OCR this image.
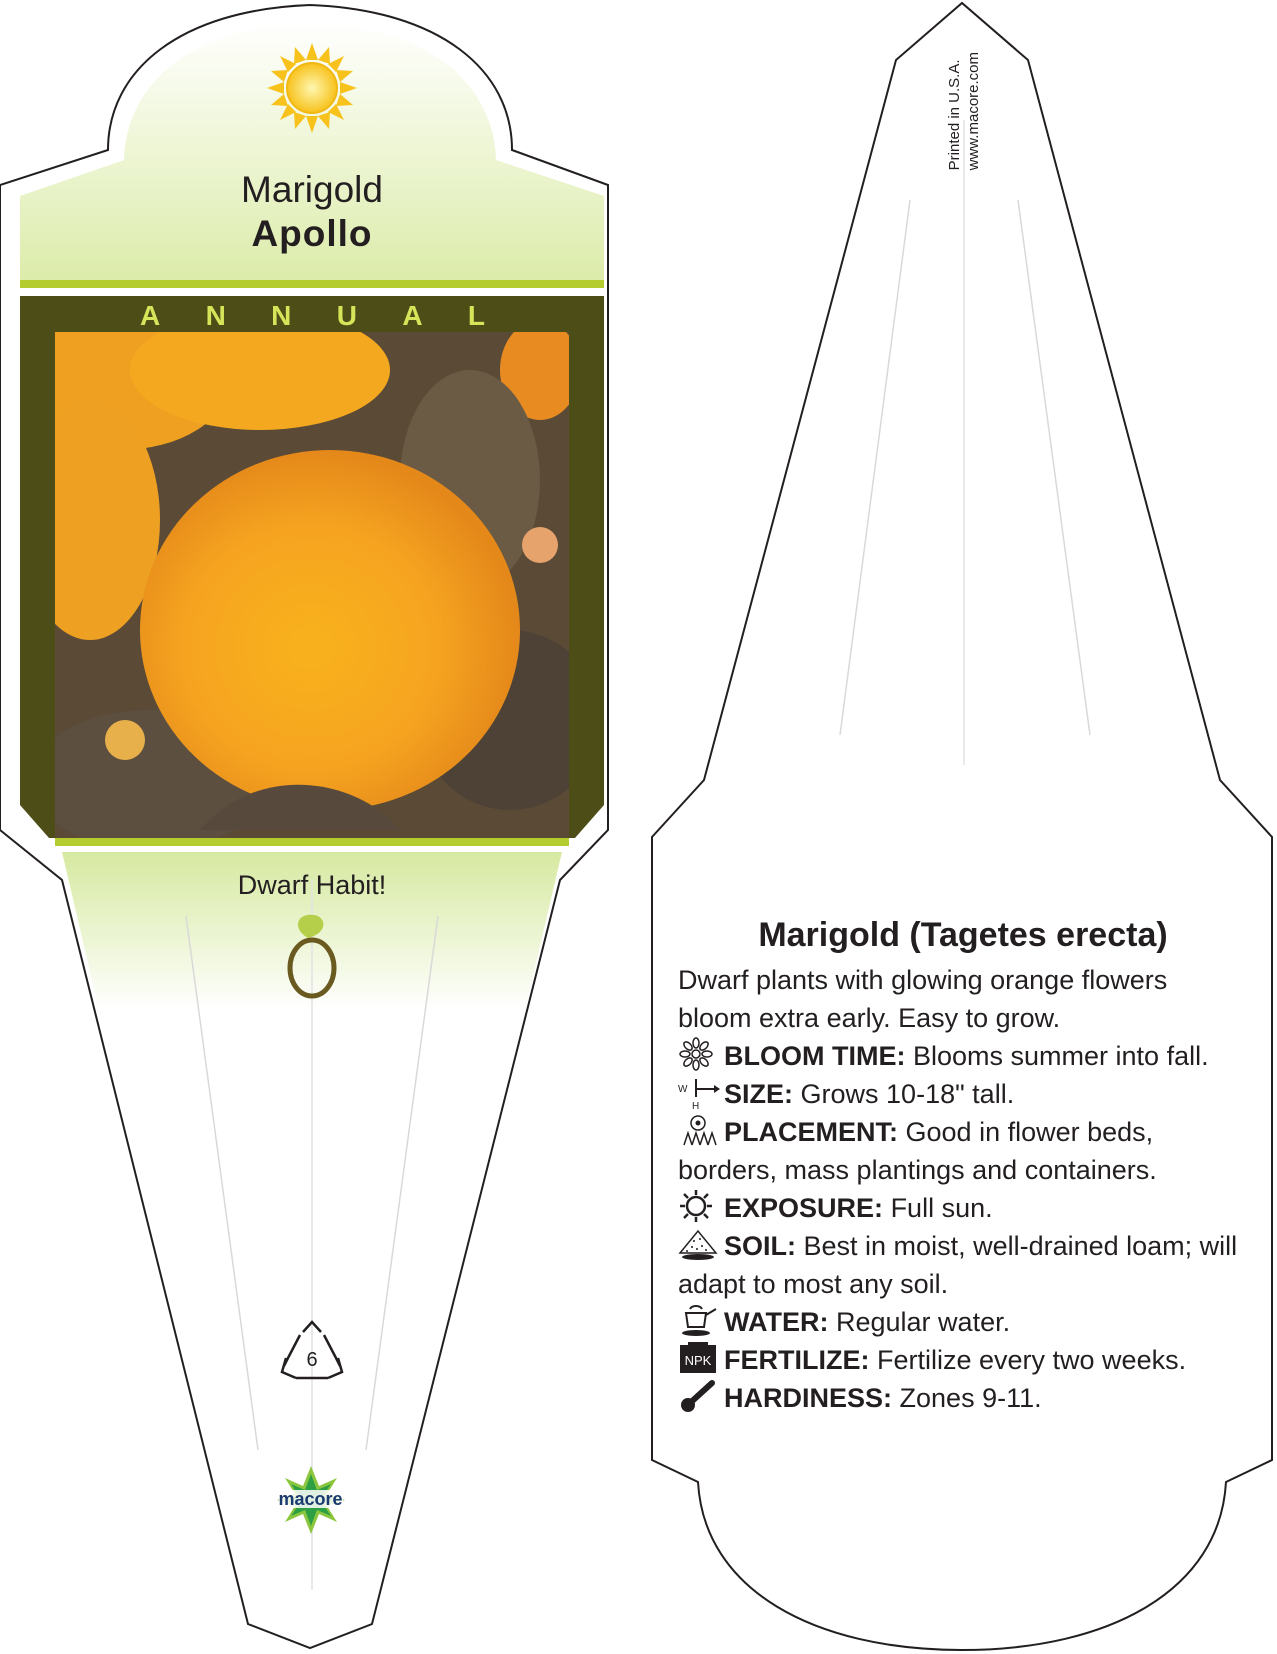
Marigold
Apollo
A N N U A L
Dwarf Habit!
6
macore
Printed in U.S.A. www.macore.com
Marigold (Tagetes erecta)

Dwarf plants with glowing orange flowers bloom extra early. Easy to grow.

BLOOM TIME: Blooms summer into fall.

W
H SIZE: Grows 10-18" tall.

PLACEMENT: Good in flower beds, borders, mass plantings and containers.

EXPOSURE: Full sun.

SOIL: Best in moist, well-drained loam; will adapt to most any soil.

WATER: Regular water.

NPK FERTILIZE: Fertilize every two weeks.

HARDINESS: Zones 9-11.
